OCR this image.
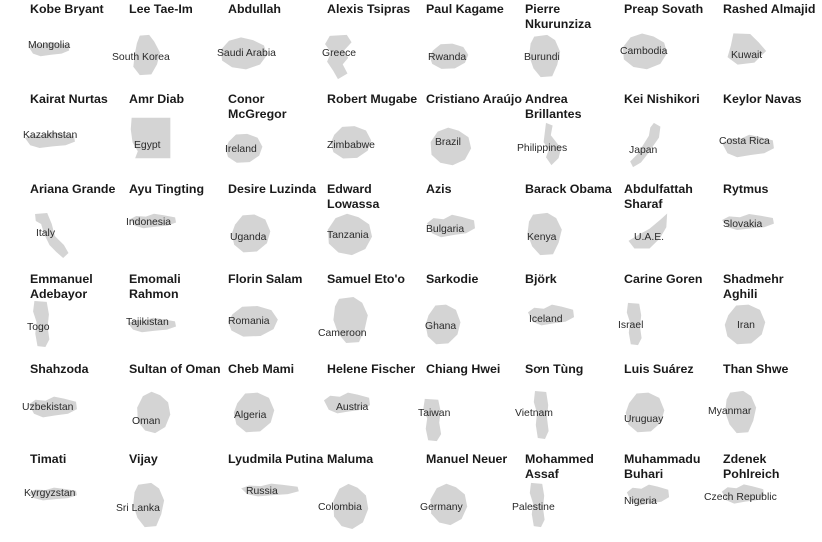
Kobe Bryant
Mongolia
Lee Tae-Im
South Korea
Abdullah
Saudi Arabia
Alexis Tsipras
Greece
Paul Kagame
Rwanda
Pierre Nkurunziza
Burundi
Preap Sovath
Cambodia
Rashed Almajid
Kuwait
Kairat Nurtas
Kazakhstan
Amr Diab
Egypt
Conor McGregor
Ireland
Robert Mugabe
Zimbabwe
Cristiano Araújo
Brazil
Andrea Brillantes
Philippines
Kei Nishikori
Japan
Keylor Navas
Costa Rica
Ariana Grande
Italy
Ayu Tingting
Indonesia
Desire Luzinda
Uganda
Edward Lowassa
Tanzania
Azis
Bulgaria
Barack Obama
Kenya
Abdulfattah Sharaf
U.A.E.
Rytmus
Slovakia
Emmanuel Adebayor
Togo
Emomali Rahmon
Tajikistan
Florin Salam
Romania
Samuel Eto'o
Cameroon
Sarkodie
Ghana
Björk
Iceland
Carine Goren
Israel
Shadmehr Aghili
Iran
Shahzoda
Uzbekistan
Sultan of Oman
Oman
Cheb Mami
Algeria
Helene Fischer
Austria
Chiang Hwei
Taiwan
Sơn Tùng
Vietnam
Luis Suárez
Uruguay
Than Shwe
Myanmar
Timati
Kyrgyzstan
Vijay
Sri Lanka
Lyudmila Putina
Russia
Maluma
Colombia
Manuel Neuer
Germany
Mohammed Assaf
Palestine
Muhammadu Buhari
Nigeria
Zdenek Pohlreich
Czech Republic
